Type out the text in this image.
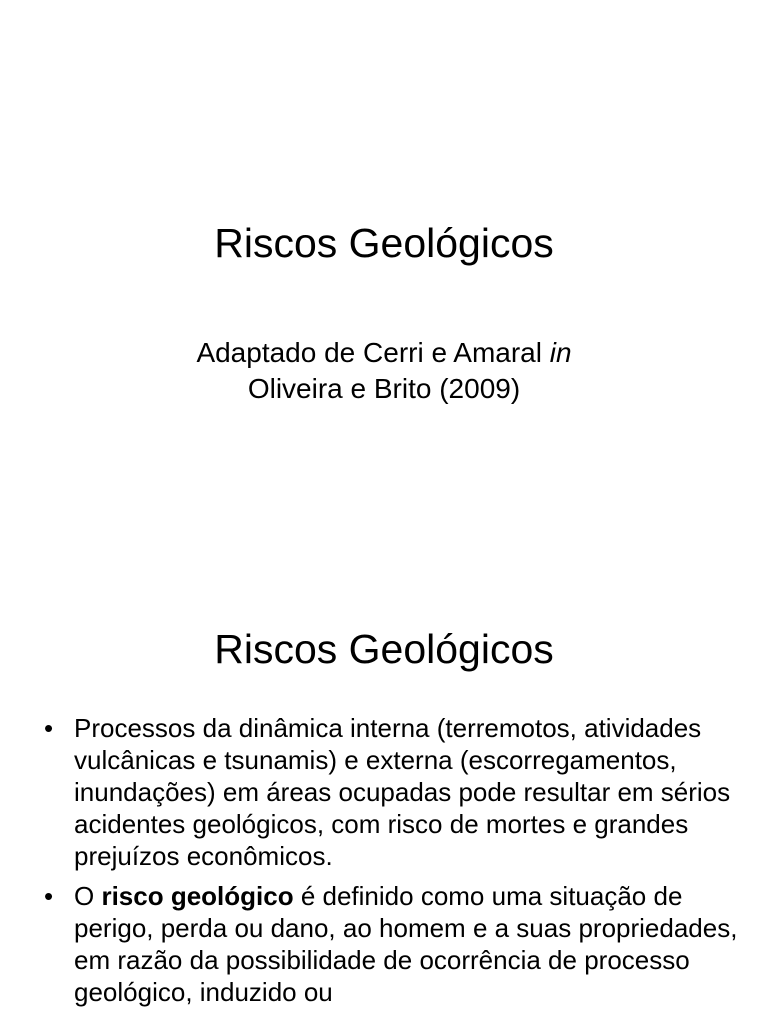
Riscos Geológicos
Adaptado de Cerri e Amaral in
Oliveira e Brito (2009)
Riscos Geológicos
• Processos da dinâmica interna (terremotos, atividades vulcânicas e tsunamis) e externa (escorregamentos, inundações) em áreas ocupadas pode resultar em sérios acidentes geológicos, com risco de mortes e grandes prejuízos econômicos.
• O risco geológico é definido como uma situação de perigo, perda ou dano, ao homem e a suas propriedades, em razão da possibilidade de ocorrência de processo geológico, induzido ou
